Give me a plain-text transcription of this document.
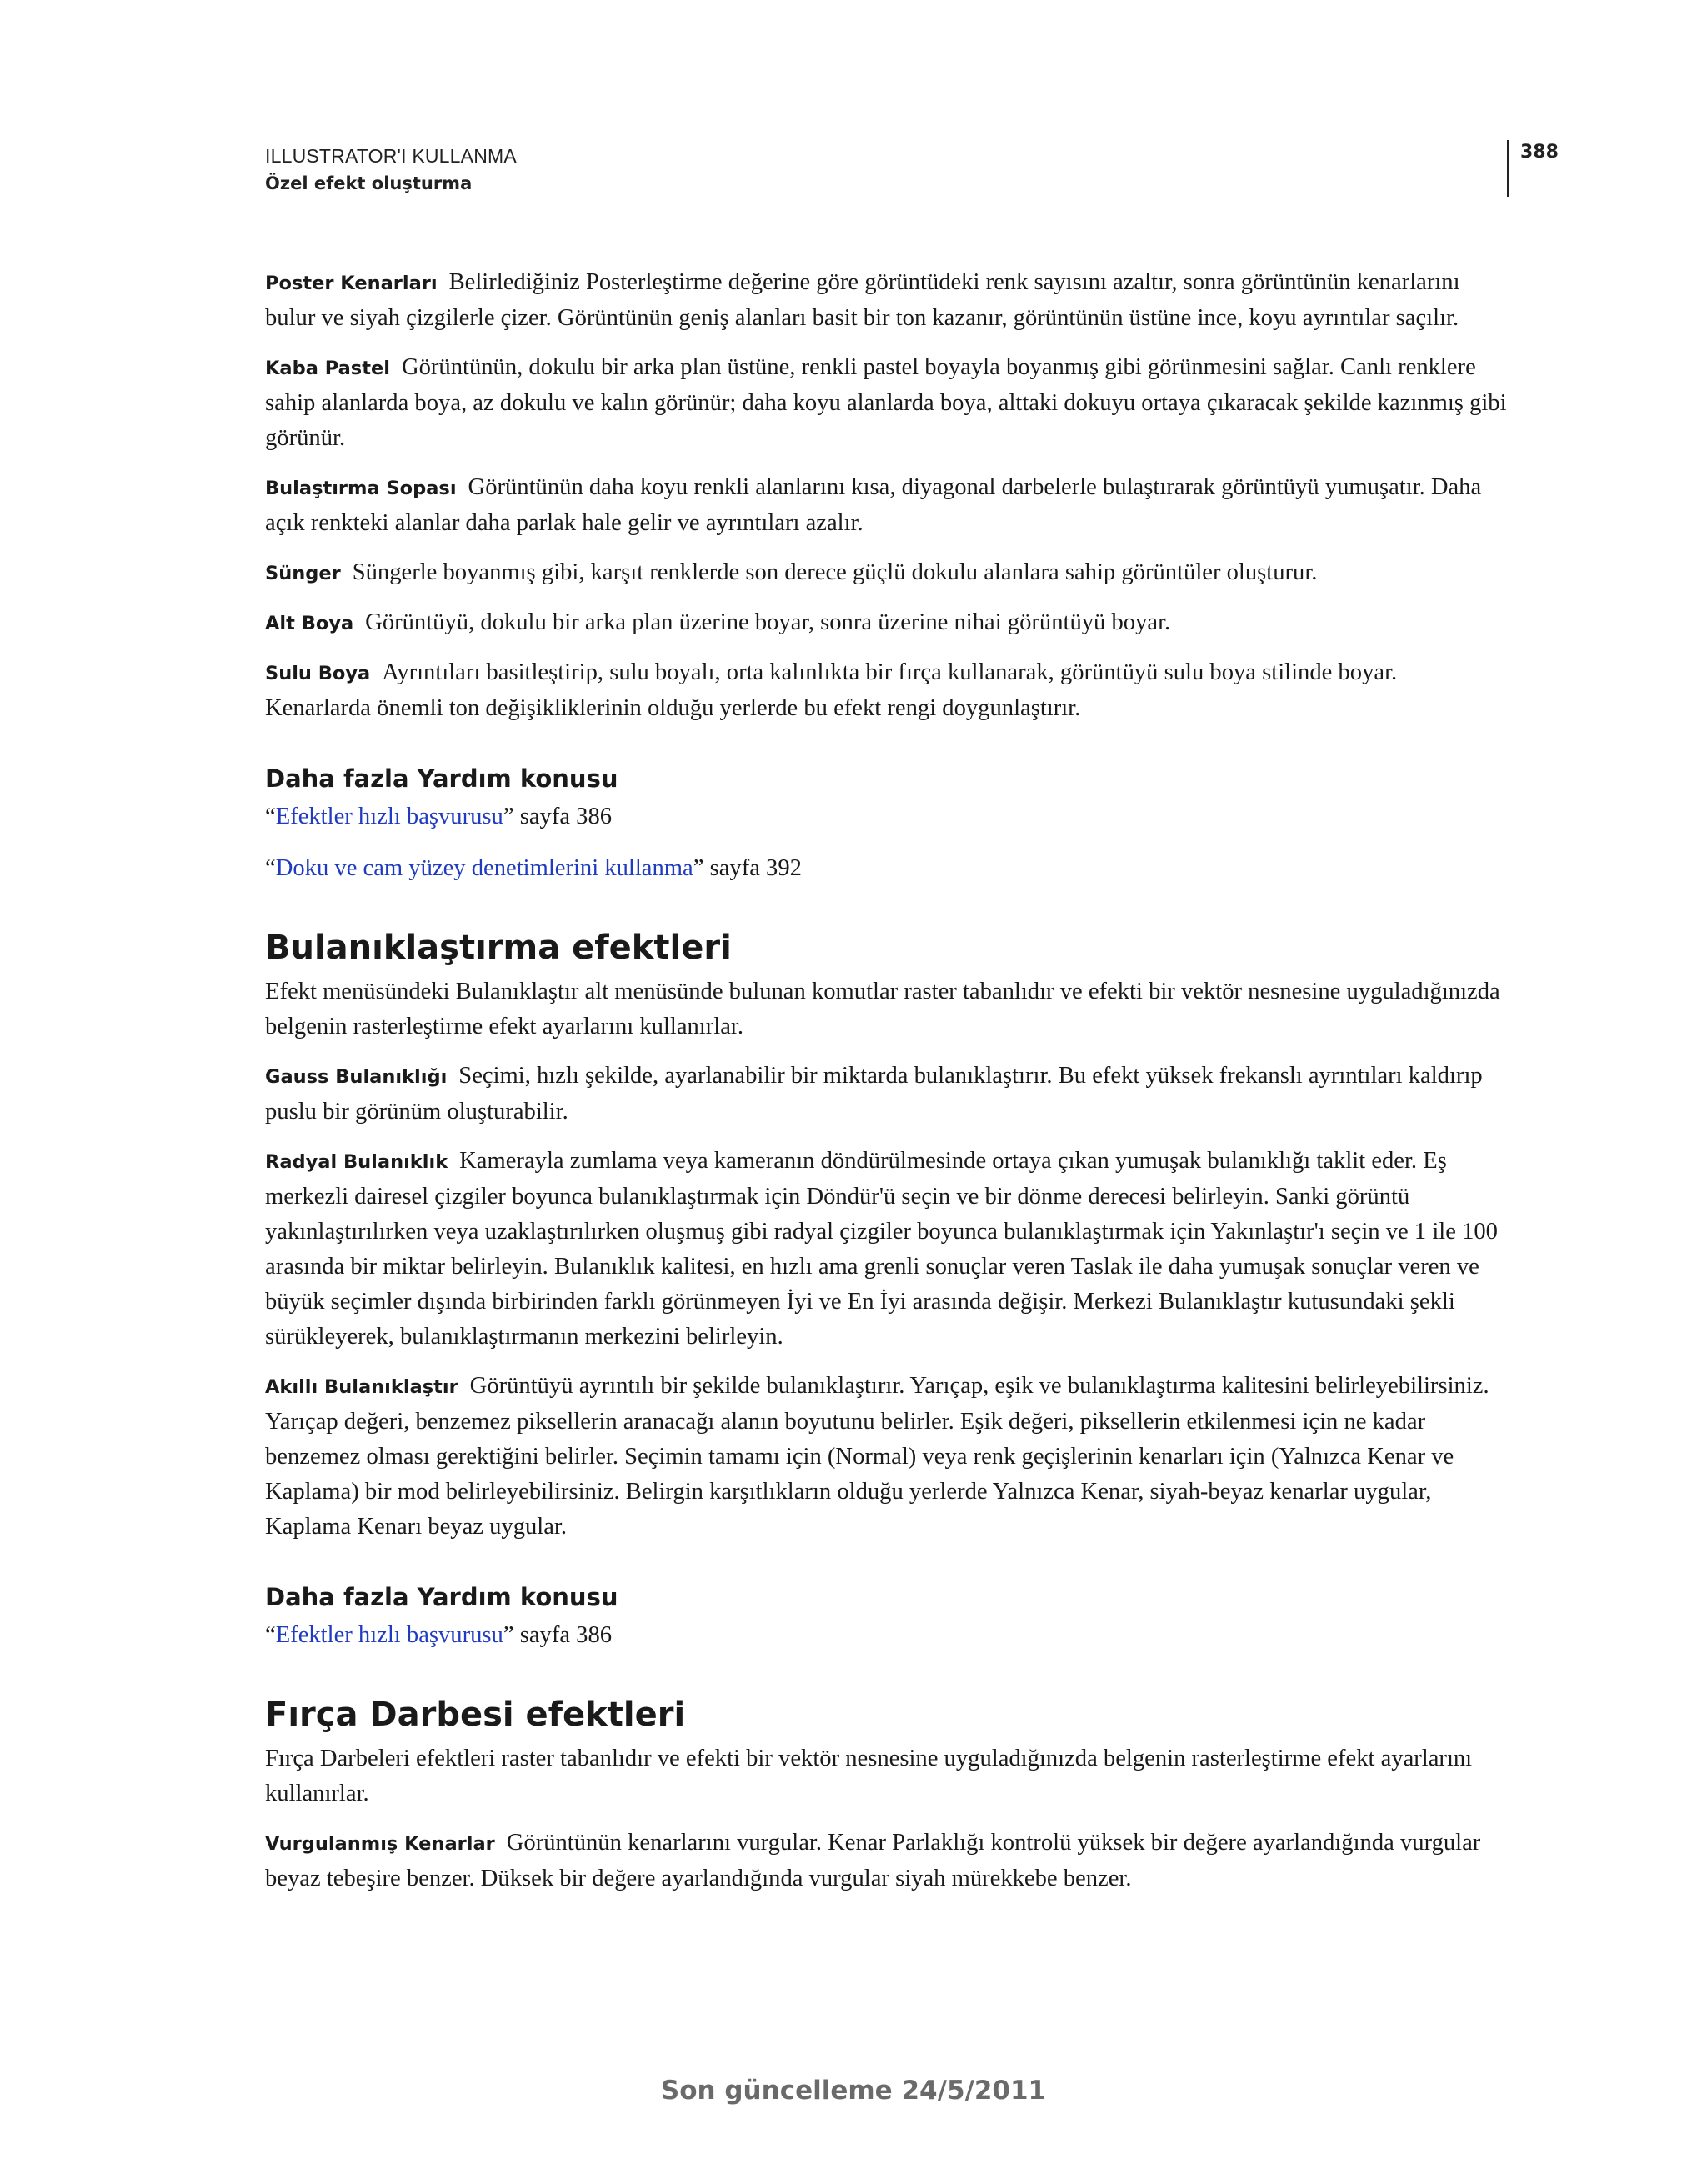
ILLUSTRATOR'I KULLANMA
Özel efekt oluşturma
388

Poster Kenarları Belirlediğiniz Posterleştirme değerine göre görüntüdeki renk sayısını azaltır, sonra görüntünün kenarlarını bulur ve siyah çizgilerle çizer. Görüntünün geniş alanları basit bir ton kazanır, görüntünün üstüne ince, koyu ayrıntılar saçılır.

Kaba Pastel Görüntünün, dokulu bir arka plan üstüne, renkli pastel boyayla boyanmış gibi görünmesini sağlar. Canlı renklere sahip alanlarda boya, az dokulu ve kalın görünür; daha koyu alanlarda boya, alttaki dokuyu ortaya çıkaracak şekilde kazınmış gibi görünür.

Bulaştırma Sopası Görüntünün daha koyu renkli alanlarını kısa, diyagonal darbelerle bulaştırarak görüntüyü yumuşatır. Daha açık renkteki alanlar daha parlak hale gelir ve ayrıntıları azalır.

Sünger Süngerle boyanmış gibi, karşıt renklerde son derece güçlü dokulu alanlara sahip görüntüler oluşturur.

Alt Boya Görüntüyü, dokulu bir arka plan üzerine boyar, sonra üzerine nihai görüntüyü boyar.

Sulu Boya Ayrıntıları basitleştirip, sulu boyalı, orta kalınlıkta bir fırça kullanarak, görüntüyü sulu boya stilinde boyar. Kenarlarda önemli ton değişikliklerinin olduğu yerlerde bu efekt rengi doygunlaştırır.

Daha fazla Yardım konusu
“Efektler hızlı başvurusu” sayfa 386
“Doku ve cam yüzey denetimlerini kullanma” sayfa 392
Bulanıklaştırma efektleri

Efekt menüsündeki Bulanıklaştır alt menüsünde bulunan komutlar raster tabanlıdır ve efekti bir vektör nesnesine uyguladığınızda belgenin rasterleştirme efekt ayarlarını kullanırlar.

Gauss Bulanıklığı Seçimi, hızlı şekilde, ayarlanabilir bir miktarda bulanıklaştırır. Bu efekt yüksek frekanslı ayrıntıları kaldırıp puslu bir görünüm oluşturabilir.

Radyal Bulanıklık Kamerayla zumlama veya kameranın döndürülmesinde ortaya çıkan yumuşak bulanıklığı taklit eder. Eş merkezli dairesel çizgiler boyunca bulanıklaştırmak için Döndür'ü seçin ve bir dönme derecesi belirleyin. Sanki görüntü yakınlaştırılırken veya uzaklaştırılırken oluşmuş gibi radyal çizgiler boyunca bulanıklaştırmak için Yakınlaştır'ı seçin ve 1 ile 100 arasında bir miktar belirleyin. Bulanıklık kalitesi, en hızlı ama grenli sonuçlar veren Taslak ile daha yumuşak sonuçlar veren ve büyük seçimler dışında birbirinden farklı görünmeyen İyi ve En İyi arasında değişir. Merkezi Bulanıklaştır kutusundaki şekli sürükleyerek, bulanıklaştırmanın merkezini belirleyin.

Akıllı Bulanıklaştır Görüntüyü ayrıntılı bir şekilde bulanıklaştırır. Yarıçap, eşik ve bulanıklaştırma kalitesini belirleyebilirsiniz. Yarıçap değeri, benzemez piksellerin aranacağı alanın boyutunu belirler. Eşik değeri, piksellerin etkilenmesi için ne kadar benzemez olması gerektiğini belirler. Seçimin tamamı için (Normal) veya renk geçişlerinin kenarları için (Yalnızca Kenar ve Kaplama) bir mod belirleyebilirsiniz. Belirgin karşıtlıkların olduğu yerlerde Yalnızca Kenar, siyah-beyaz kenarlar uygular, Kaplama Kenarı beyaz uygular.

Daha fazla Yardım konusu
“Efektler hızlı başvurusu” sayfa 386
Fırça Darbesi efektleri

Fırça Darbeleri efektleri raster tabanlıdır ve efekti bir vektör nesnesine uyguladığınızda belgenin rasterleştirme efekt ayarlarını kullanırlar.

Vurgulanmış Kenarlar Görüntünün kenarlarını vurgular. Kenar Parlaklığı kontrolü yüksek bir değere ayarlandığında vurgular beyaz tebeşire benzer. Düksek bir değere ayarlandığında vurgular siyah mürekkebe benzer.

Son güncelleme 24/5/2011
